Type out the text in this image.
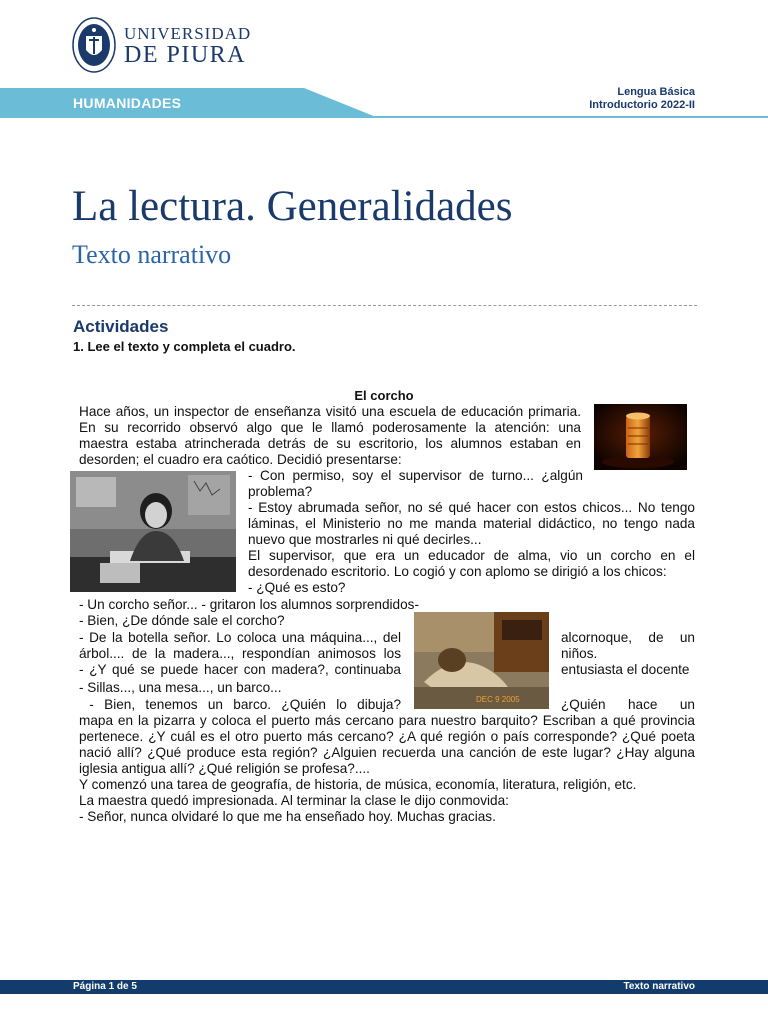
UNIVERSIDAD
DE PIURA
HUMANIDADES
Lengua Básica
Introductorio 2022-II
La lectura. Generalidades
Texto narrativo
Actividades
1. Lee el texto y completa el cuadro.
El corcho
DEC 9 2005
Hace años, un inspector de enseñanza visitó una escuela de educación primaria.
En su recorrido observó algo que le llamó poderosamente la atención: una
maestra estaba atrincherada detrás de su escritorio, los alumnos estaban en
desorden; el cuadro era caótico. Decidió presentarse:
- Con permiso, soy el supervisor de turno... ¿algún
problema?
- Estoy abrumada señor, no sé qué hacer con estos chicos... No tengo
láminas, el Ministerio no me manda material didáctico, no tengo nada
nuevo que mostrarles ni qué decirles...
El supervisor, que era un educador de alma, vio un corcho en el
desordenado escritorio. Lo cogió y con aplomo se dirigió a los chicos:
- ¿Qué es esto?
- Un corcho señor... - gritaron los alumnos sorprendidos-
- Bien, ¿De dónde sale el corcho?
- De la botella señor. Lo coloca una máquina..., del	alcornoque, de un
árbol.... de la madera..., respondían animosos los	niños.
- ¿Y qué se puede hacer con madera?, continuaba	entusiasta el docente
- Sillas..., una mesa..., un barco...
- Bien, tenemos un barco. ¿Quién lo dibuja?	¿Quién hace un
mapa en la pizarra y coloca el puerto más cercano para nuestro barquito? Escriban a qué provincia
pertenece. ¿Y cuál es el otro puerto más cercano? ¿A qué región o país corresponde? ¿Qué poeta
nació allí? ¿Qué produce esta región? ¿Alguien recuerda una canción de este lugar? ¿Hay alguna
iglesia antigua allí? ¿Qué religión se profesa?....
Y comenzó una tarea de geografía, de historia, de música, economía, literatura, religión, etc.
La maestra quedó impresionada. Al terminar la clase le dijo conmovida:
- Señor, nunca olvidaré lo que me ha enseñado hoy. Muchas gracias.
Página 1 de 5	Texto narrativo
